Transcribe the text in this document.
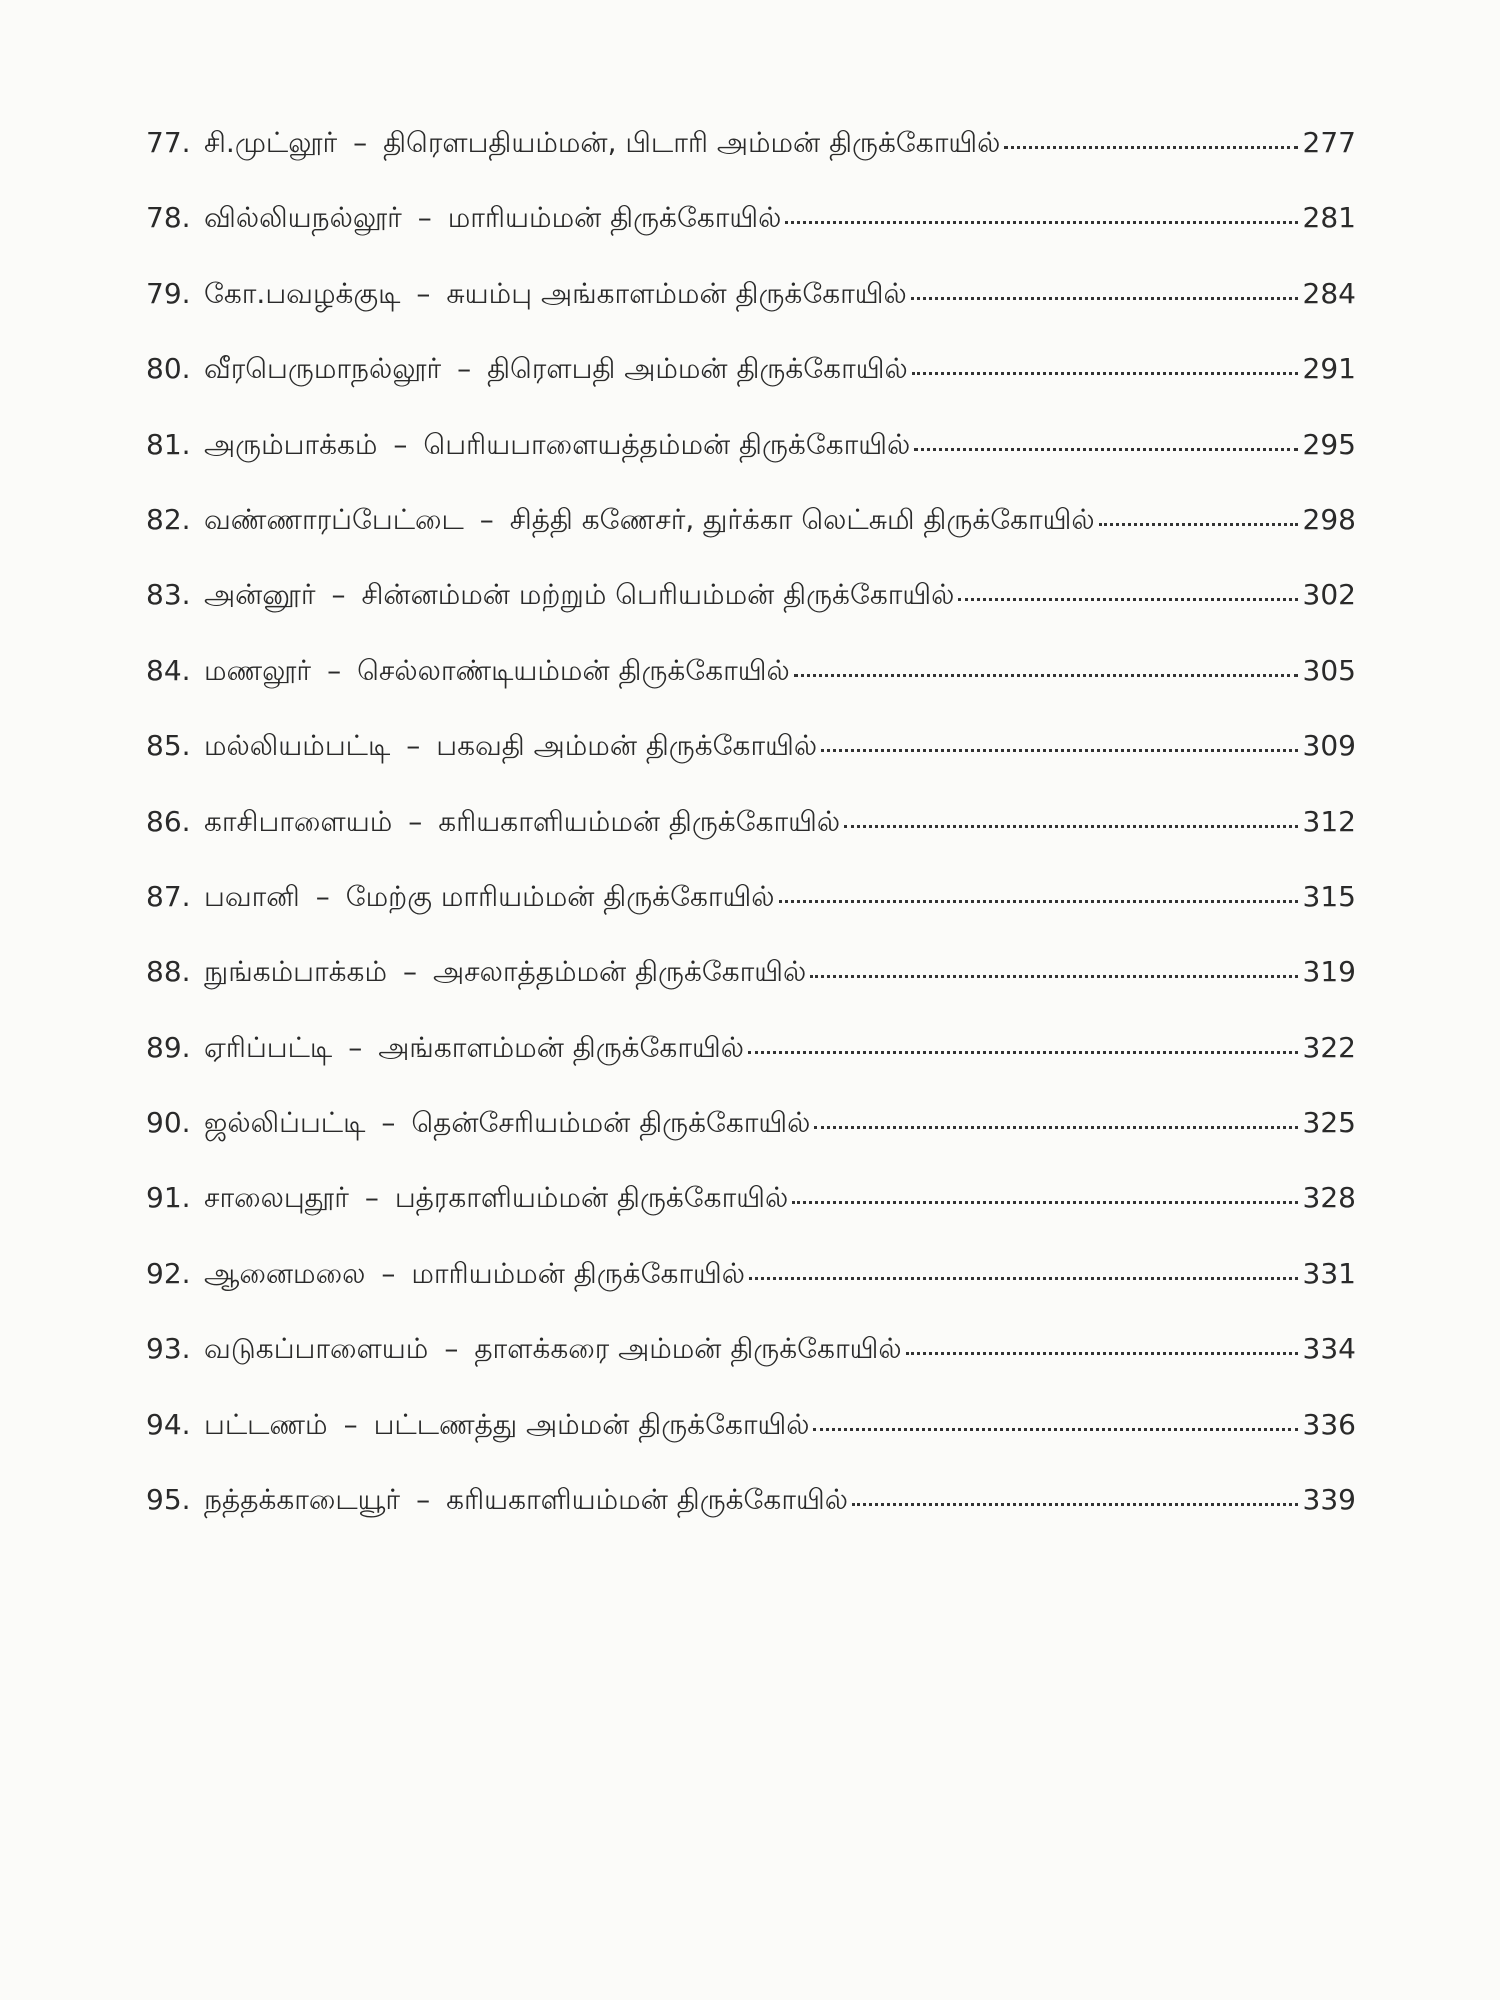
77. சி.முட்லூர் – திரௌபதியம்மன், பிடாரி அம்மன் திருக்கோயில்	277
78. வில்லியநல்லூர் – மாரியம்மன் திருக்கோயில்	281
79. கோ.பவழக்குடி – சுயம்பு அங்காளம்மன் திருக்கோயில்	284
80. வீரபெருமாநல்லூர் – திரௌபதி அம்மன் திருக்கோயில்	291
81. அரும்பாக்கம் – பெரியபாளையத்தம்மன் திருக்கோயில்	295
82. வண்ணாரப்பேட்டை – சித்தி கணேசர், துர்க்கா லெட்சுமி திருக்கோயில்	298
83. அன்னூர் – சின்னம்மன் மற்றும் பெரியம்மன் திருக்கோயில்	302
84. மணலூர் – செல்லாண்டியம்மன் திருக்கோயில்	305
85. மல்லியம்பட்டி – பகவதி அம்மன் திருக்கோயில்	309
86. காசிபாளையம் – கரியகாளியம்மன் திருக்கோயில்	312
87. பவானி – மேற்கு மாரியம்மன் திருக்கோயில்	315
88. நுங்கம்பாக்கம் – அசலாத்தம்மன் திருக்கோயில்	319
89. ஏரிப்பட்டி – அங்காளம்மன் திருக்கோயில்	322
90. ஜல்லிப்பட்டி – தென்சேரியம்மன் திருக்கோயில்	325
91. சாலைபுதூர் – பத்ரகாளியம்மன் திருக்கோயில்	328
92. ஆனைமலை – மாரியம்மன் திருக்கோயில்	331
93. வடுகப்பாளையம் – தாளக்கரை அம்மன் திருக்கோயில்	334
94. பட்டணம் – பட்டணத்து அம்மன் திருக்கோயில்	336
95. நத்தக்காடையூர் – கரியகாளியம்மன் திருக்கோயில்	339
